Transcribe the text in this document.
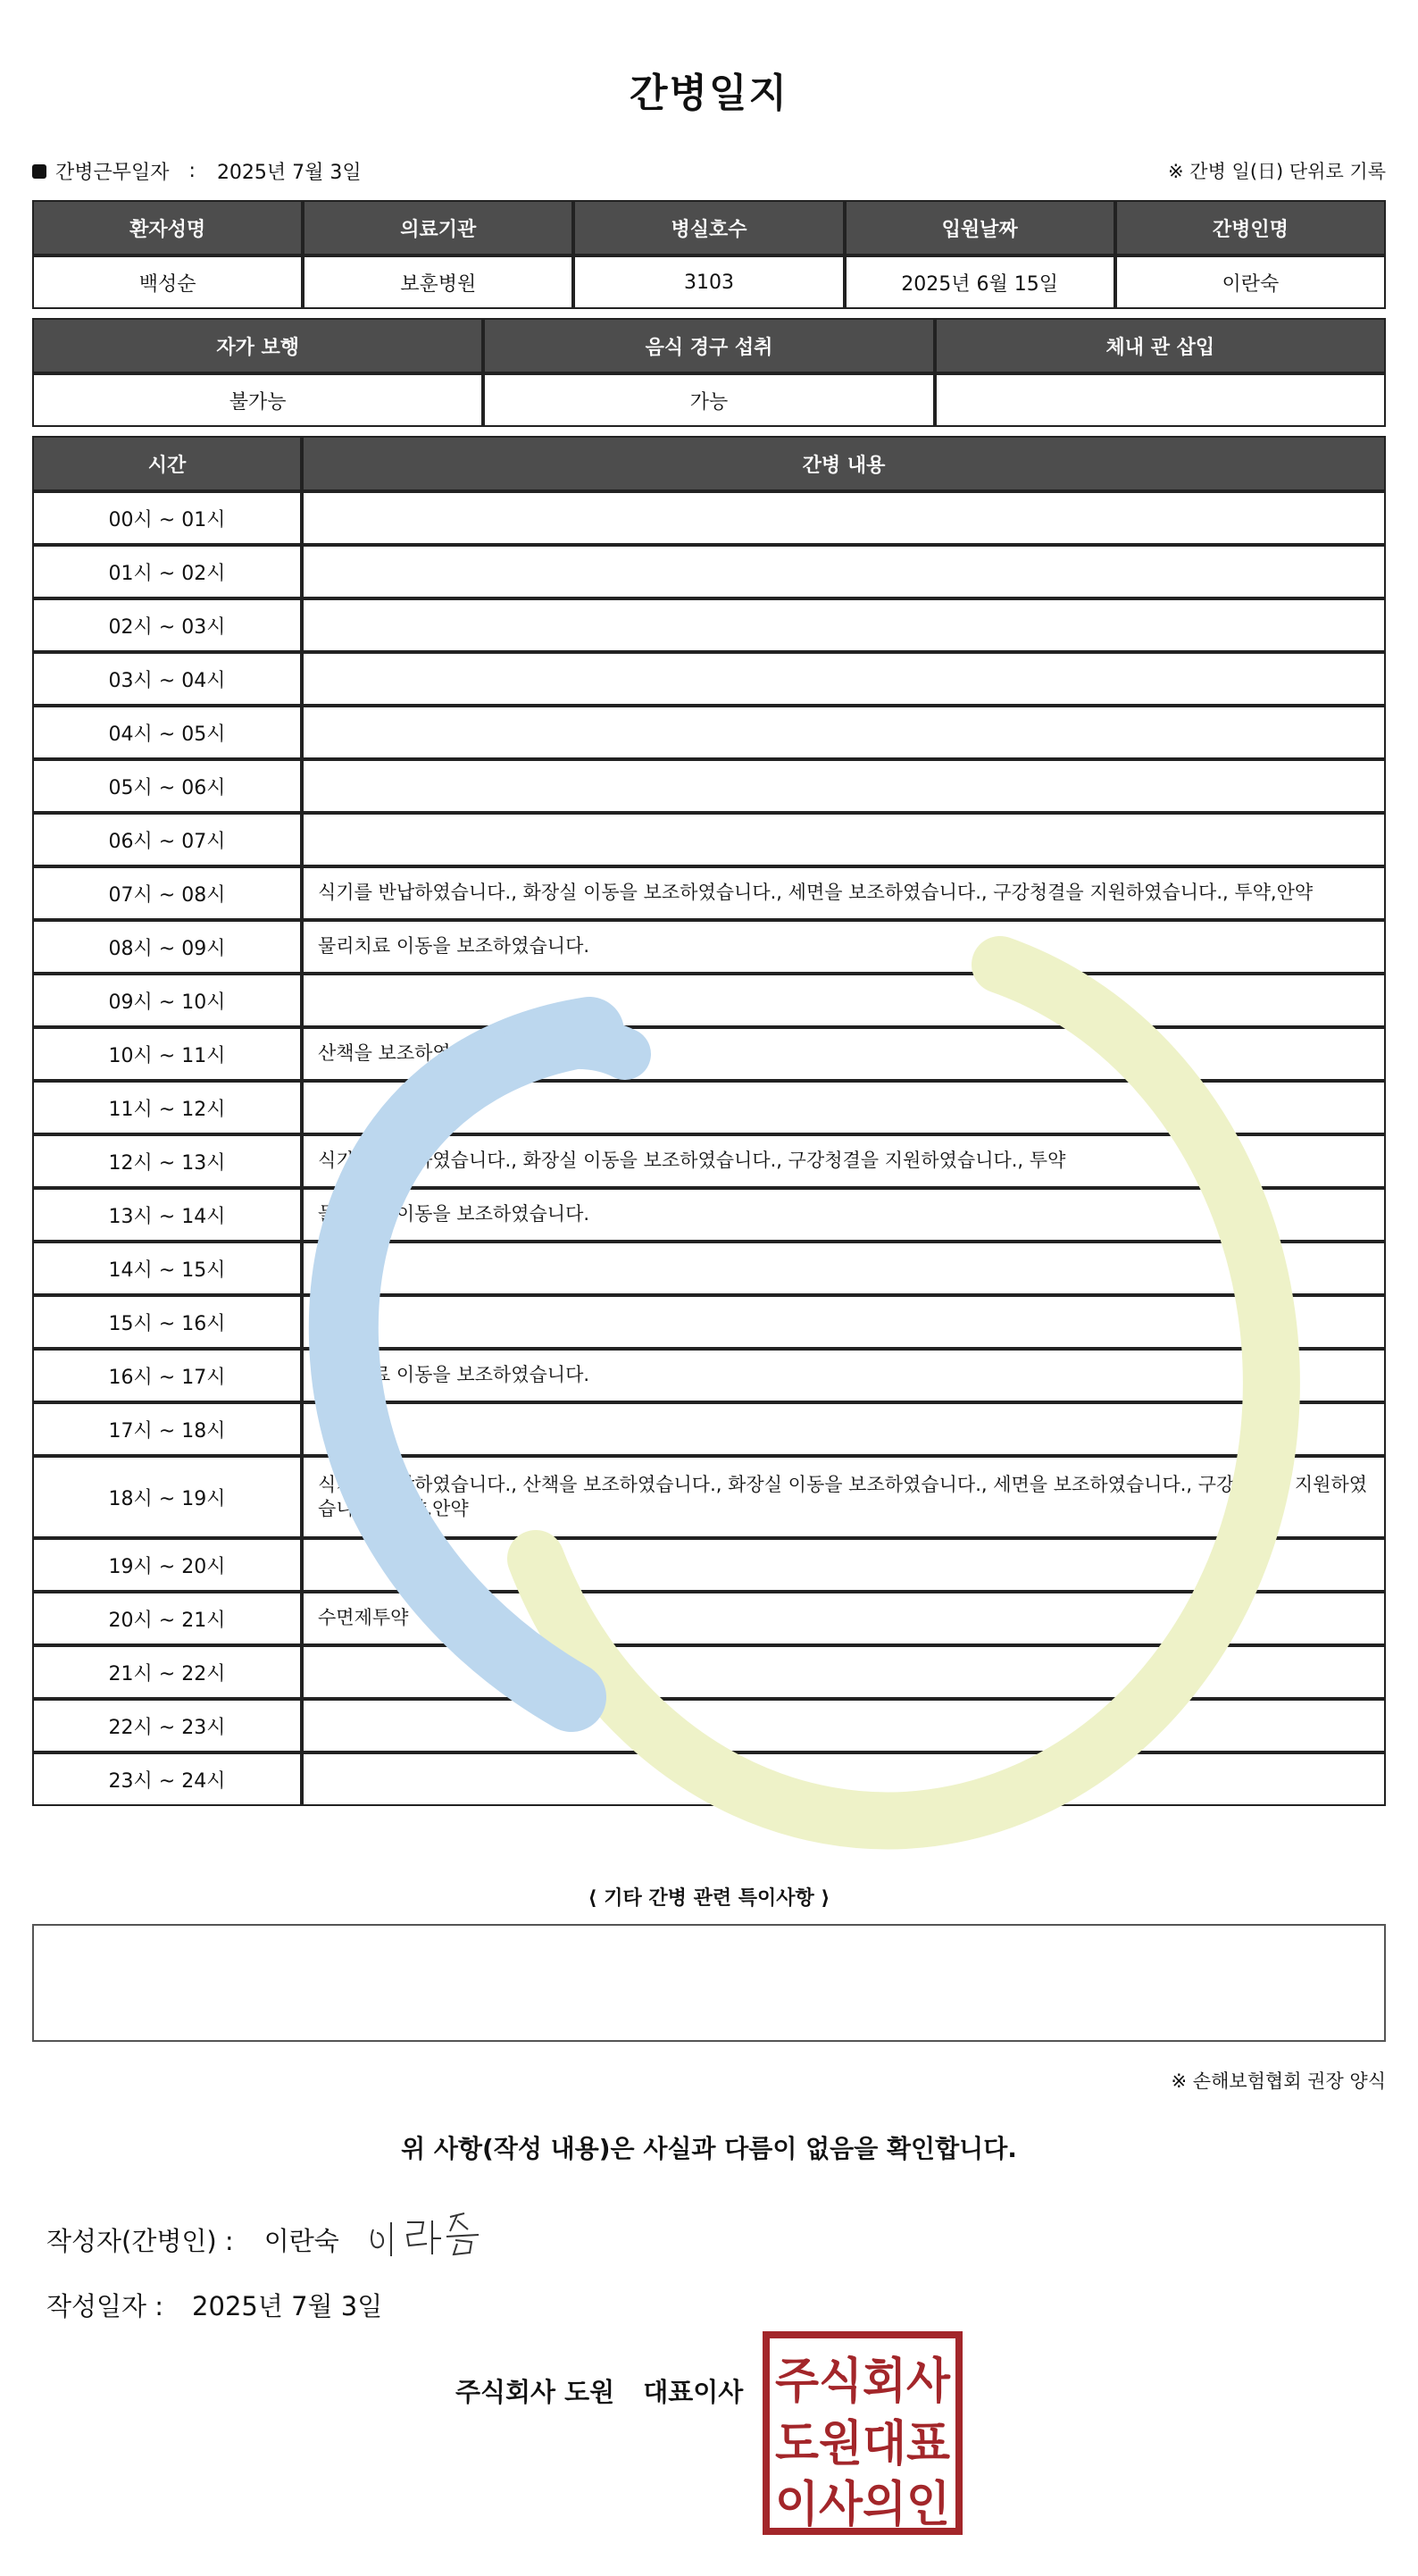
간병일지
간병근무일자 : 2025년 7월 3일	※ 간병 일(日) 단위로 기록
환자성명	의료기관	병실호수	입원날짜	간병인명
백성순	보훈병원	3103	2025년 6월 15일	이란숙
자가 보행	음식 경구 섭취	체내 관 삽입
불가능	가능	
시간	간병 내용
00시 ~ 01시	
01시 ~ 02시	
02시 ~ 03시	
03시 ~ 04시	
04시 ~ 05시	
05시 ~ 06시	
06시 ~ 07시	
07시 ~ 08시	식기를 반납하였습니다., 화장실 이동을 보조하였습니다., 세면을 보조하였습니다., 구강청결을 지원하였습니다., 투약,안약
08시 ~ 09시	물리치료 이동을 보조하였습니다.
09시 ~ 10시	
10시 ~ 11시	산책을 보조하였습니다.
11시 ~ 12시	
12시 ~ 13시	식기를 반납하였습니다., 화장실 이동을 보조하였습니다., 구강청결을 지원하였습니다., 투약
13시 ~ 14시	물리치료 이동을 보조하였습니다.
14시 ~ 15시	
15시 ~ 16시	
16시 ~ 17시	물리치료 이동을 보조하였습니다.
17시 ~ 18시	
18시 ~ 19시	식기를 반납하였습니다., 산책을 보조하였습니다., 화장실 이동을 보조하였습니다., 세면을 보조하였습니다., 구강청결을 지원하였습니다., 투약,안약
19시 ~ 20시	
20시 ~ 21시	수면제투약
21시 ~ 22시	
22시 ~ 23시	
23시 ~ 24시	
⟨ 기타 간병 관련 특이사항 ⟩
※ 손해보험협회 권장 양식
위 사항(작성 내용)은 사실과 다름이 없음을 확인합니다.
작성자(간병인) : 이란숙
작성일자 : 2025년 7월 3일
주식회사 도원 대표이사 주식회사
도원대표
이사의인
